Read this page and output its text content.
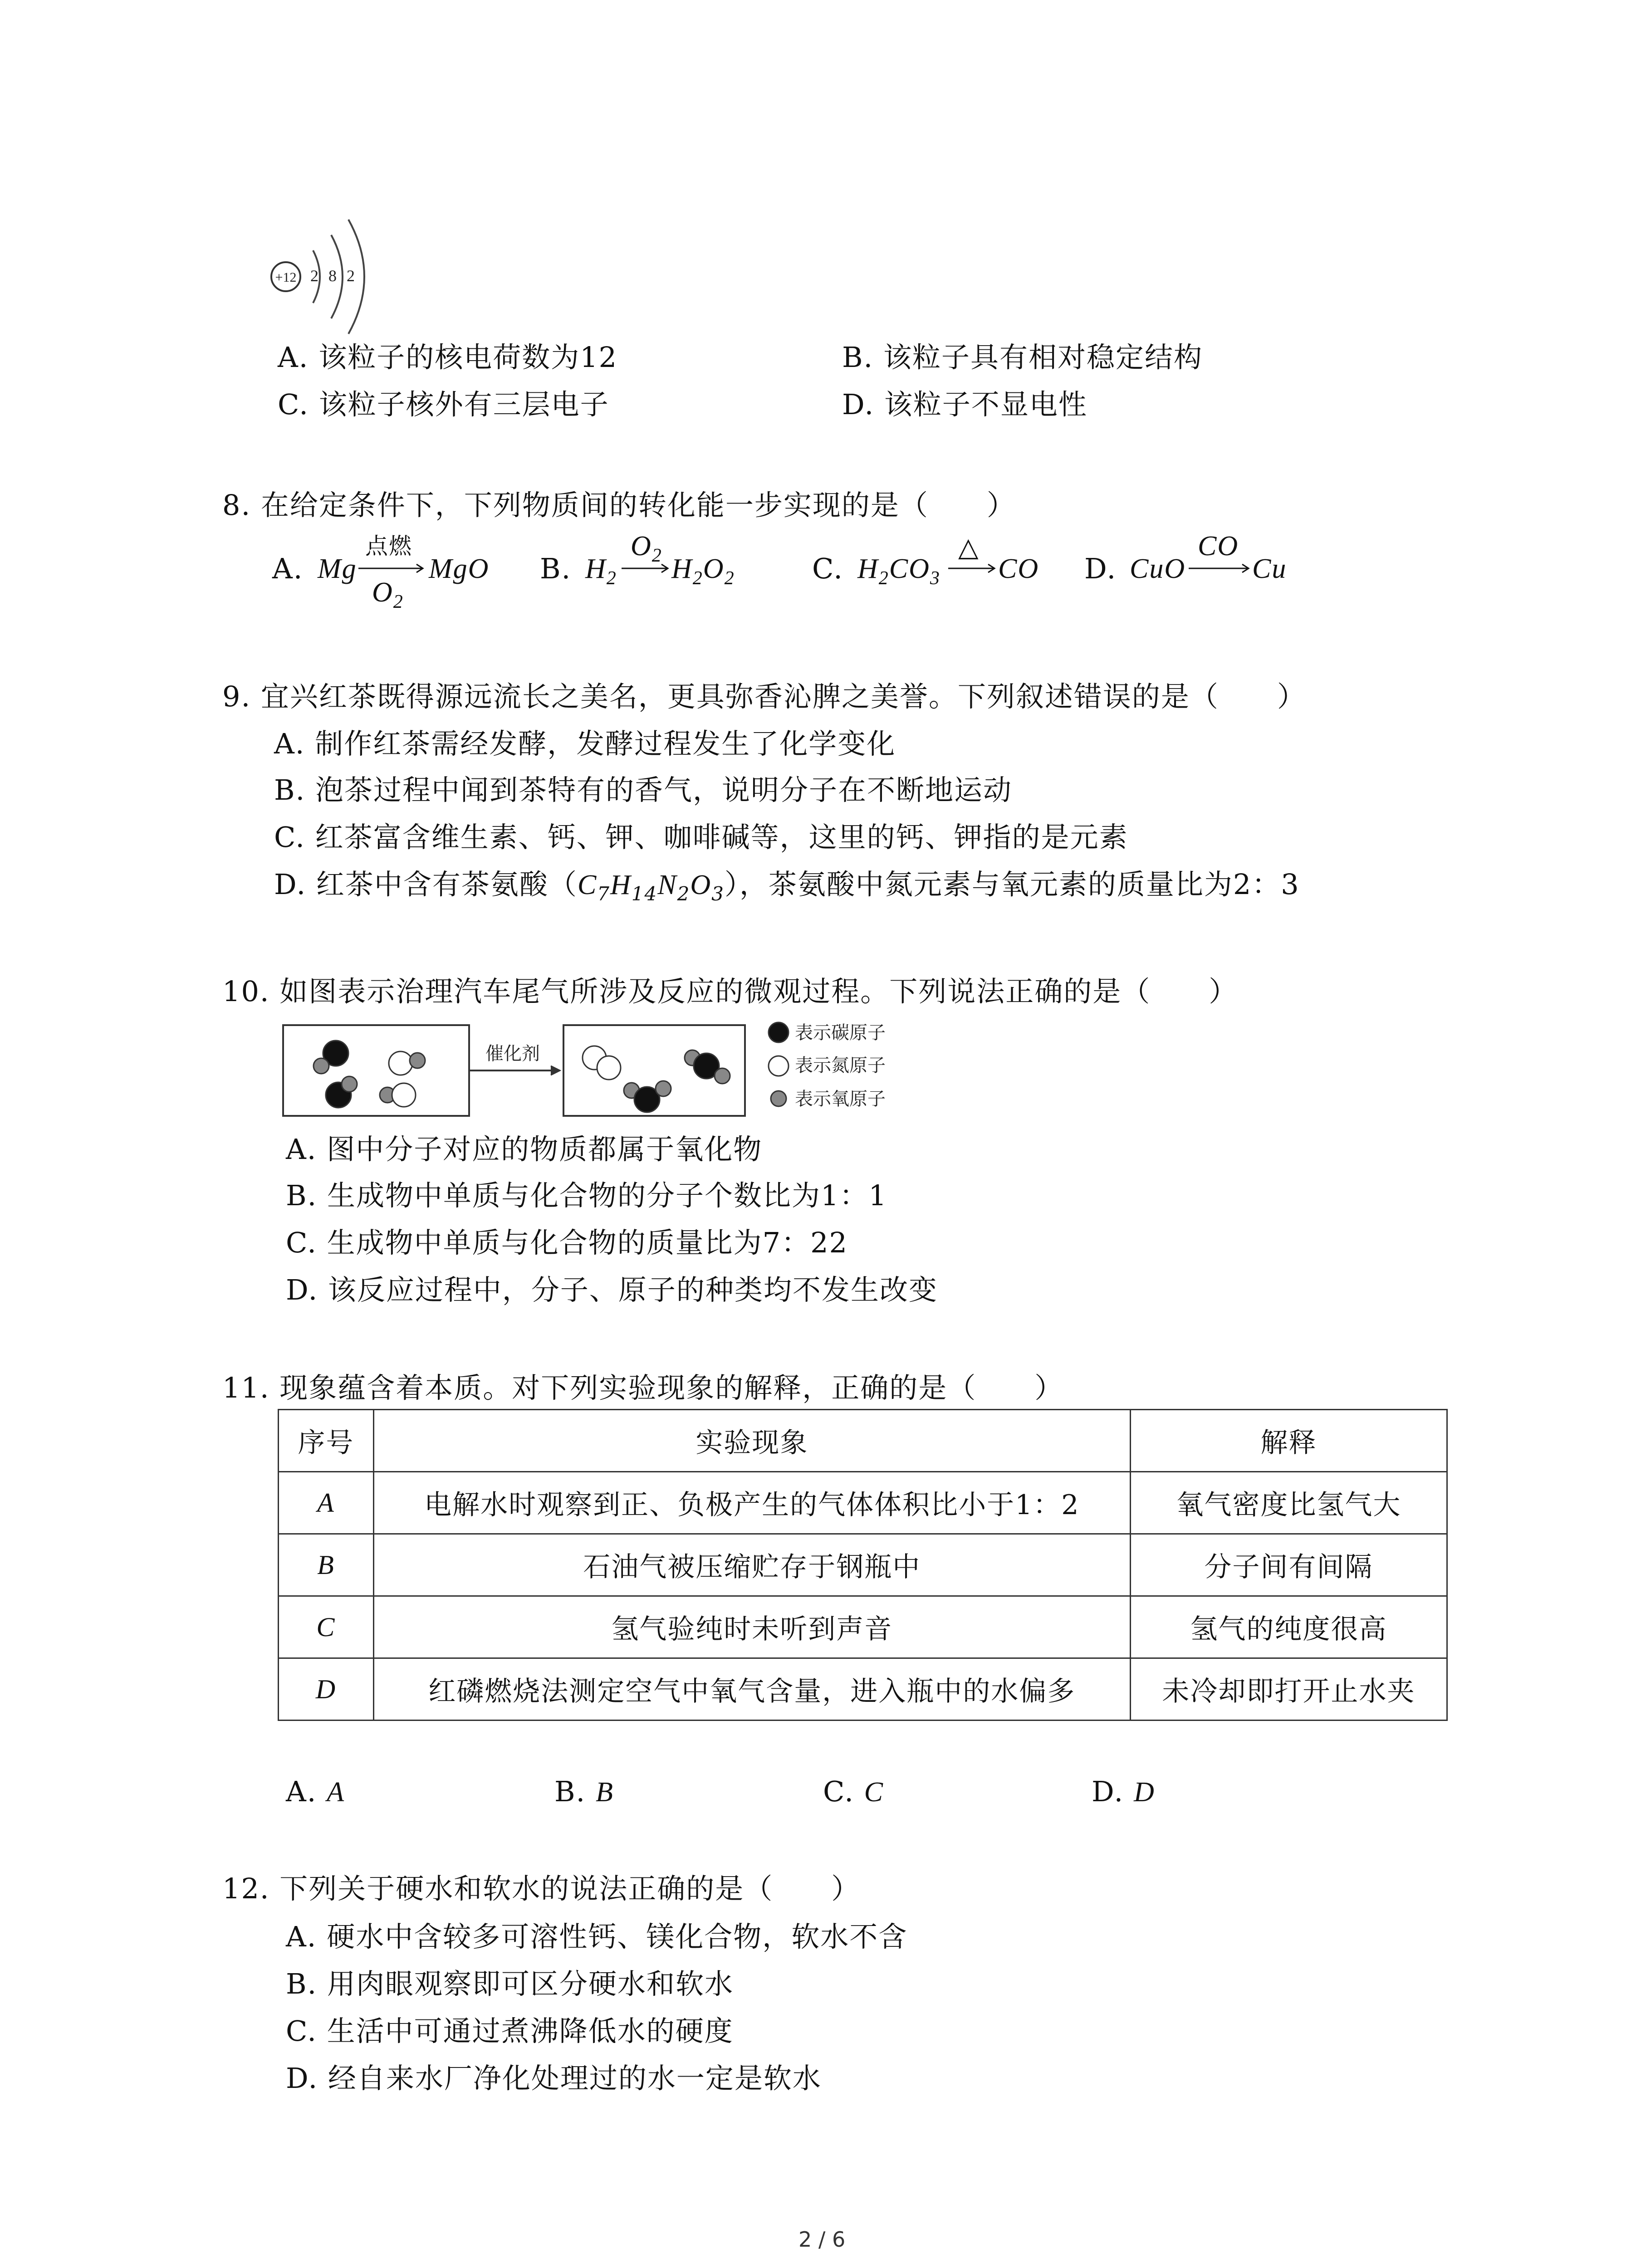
+12 2 8 2
A. 该粒子的核电荷数为12	B. 该粒子具有相对稳定结构
C. 该粒子核外有三层电子	D. 该粒子不显电性
8. 在给定条件下，下列物质间的转化能一步实现的是（　　）
A. Mg
点燃
$O_2$
MgO B. $H_2$
$O_2$ $H_2O_2$	C. $H_2CO_3$
△
CO D. CuO
CO
Cu
9. 宜兴红茶既得源远流长之美名，更具弥香沁脾之美誉。下列叙述错误的是（　　）
A. 制作红茶需经发酵，发酵过程发生了化学变化
B. 泡茶过程中闻到茶特有的香气，说明分子在不断地运动
C. 红茶富含维生素、钙、钾、咖啡碱等，这里的钙、钾指的是元素
D. 红茶中含有茶氨酸$(C_7H_{14}N_2O_3)$，茶氨酸中氮元素与氧元素的质量比为2：3
10. 如图表示治理汽车尾气所涉及反应的微观过程。下列说法正确的是（　　）
催化剂
表示碳原子
表示氮原子
表示氧原子
A. 图中分子对应的物质都属于氧化物
B. 生成物中单质与化合物的分子个数比为1：1
C. 生成物中单质与化合物的质量比为7：22
D. 该反应过程中，分子、原子的种类均不发生改变
11. 现象蕴含着本质。对下列实验现象的解释，正确的是（　　）
序号	实验现象	解释
A	电解水时观察到正、负极产生的气体体积比小于1：2	氧气密度比氢气大
B	石油气被压缩贮存于钢瓶中	分子间有间隔
C	氢气验纯时未听到声音	氢气的纯度很高
D	红磷燃烧法测定空气中氧气含量，进入瓶中的水偏多	未冷却即打开止水夹
A. A	B. B	C. C	D. D
12. 下列关于硬水和软水的说法正确的是（　　）
A. 硬水中含较多可溶性钙、镁化合物，软水不含
B. 用肉眼观察即可区分硬水和软水
C. 生活中可通过煮沸降低水的硬度
D. 经自来水厂净化处理过的水一定是软水
2 / 6
